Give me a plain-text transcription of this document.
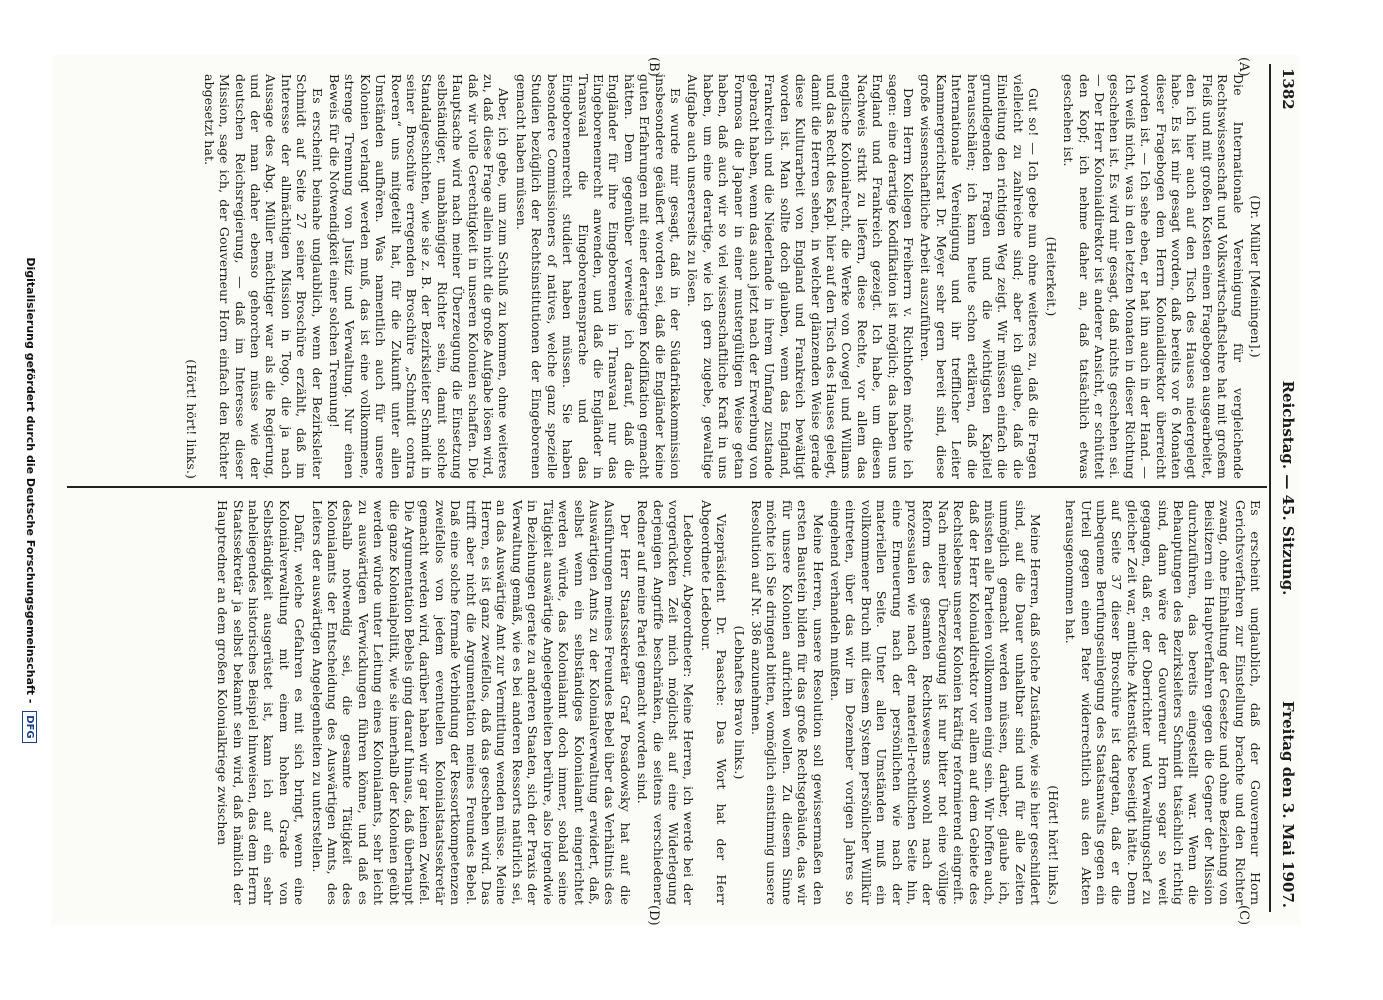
1382
Reichstag. — 45. Sitzung.
Freitag den 3. Mai 1907.
(A)
(B)
(C)
(D)

(Dr. Müller [Meiningen].)

Die Internationale Vereinigung für vergleichende Rechtswissenschaft und Volkswirtschaftslehre hat mit großem Fleiß und mit großen Kosten einen Fragebogen ausgearbeitet, den ich hier auch auf den Tisch des Hauses niedergelegt habe. Es ist mir gesagt worden, daß bereits vor 6 Monaten dieser Fragebogen dem Herrn Kolonialdirektor überreicht worden ist. — Ich sehe eben, er hat ihn auch in der Hand. — Ich weiß nicht, was in den letzten Monaten in dieser Richtung geschehen ist. Es wird mir gesagt, daß nichts geschehen sei. — Der Herr Kolonialdirektor ist anderer Ansicht, er schüttelt den Kopf; ich nehme daher an, daß tatsächlich etwas geschehen ist.

(Heiterkeit.)

Gut so! — Ich gebe nun ohne weiteres zu, daß die Fragen vielleicht zu zahlreiche sind; aber ich glaube, daß die Einleitung den richtigen Weg zeigt. Wir müssen einfach die grundlegenden Fragen und die wichtigsten Kapitel herausschälen; ich kann heute schon erklären, daß die Internationale Vereinigung und ihr trefflicher Leiter Kammergerichtsrat Dr. Meyer sehr gern bereit sind, diese große wissenschaftliche Arbeit auszuführen.

Dem Herrn Kollegen Freiherrn v. Richthofen möchte ich sagen: eine derartige Kodifikation ist möglich; das haben uns England und Frankreich gezeigt. Ich habe, um diesen Nachweis strikt zu liefern, diese Rechte, vor allem das englische Kolonialrecht, die Werke von Cowgel und Willams und das Recht des Kapl. hier auf den Tisch des Hauses gelegt, damit die Herren sehen, in welcher glänzenden Weise gerade diese Kulturarbeit von England und Frankreich bewältigt worden ist. Man sollte doch glauben, wenn das England, Frankreich und die Niederlande in ihrem Umfang zustande gebracht haben, wenn das auch jetzt nach der Erwerbung von Formosa die Japaner in einer mustergültigen Weise getan haben, daß auch wir so viel wissenschaftliche Kraft in uns haben, um eine derartige, wie ich gern zugebe, gewaltige Aufgabe auch unsererseits zu lösen.

Es wurde mir gesagt, daß in der Südafrikakommission insbesondere geäußert worden sei, daß die Engländer keine guten Erfahrungen mit einer derartigen Kodifikation gemacht hätten. Dem gegenüber verweise ich darauf, daß die Engländer für ihre Eingeborenen in Transvaal nur das Eingeborenenrecht anwenden, und daß die Engländer in Transvaal die Eingeborenensprache und das Eingeborenenrecht studiert haben müssen. Sie haben besondere Commissioners of natives, welche ganz spezielle Studien bezüglich der Rechtsinstitutionen der Eingeborenen gemacht haben müssen.

Aber, ich gebe, um zum Schluß zu kommen, ohne weiteres zu, daß diese Frage allein nicht die große Aufgabe lösen wird, daß wir volle Gerechtigkeit in unseren Kolonien schaffen. Die Hauptsache wird nach meiner Überzeugung die Einsetzung selbständiger, unabhängiger Richter sein, damit solche Standalgeschichten, wie sie z. B. der Bezirksleiter Schmidt in seiner Broschüre erregenden Broschüre „Schmidt contra Roeren“ uns mitgeteilt hat, für die Zukunft unter allen Umständen aufhören. Was namentlich auch für unsere Kolonien verlangt werden muß, das ist eine vollkommene, strenge Trennung von Justiz und Verwaltung. Nur einen Beweis für die Notwendigkeit einer solchen Trennung!

Es erscheint beinahe unglaublich, wenn der Bezirksleiter Schmidt auf Seite 27 seiner Broschüre erzählt, daß im Interesse der allmächtigen Mission in Togo, die ja nach Aussage des Abg. Müller mächtiger war als die Regierung, und der man daher ebenso gehorchen müsse wie der deutschen Reichsregierung, — daß im Interesse dieser Mission, sage ich, der Gouverneur Horn einfach den Richter abgesetzt hat.

(Hört! hört! links.)

Es erscheint unglaublich, daß der Gouverneur Horn Gerichtsverfahren zur Einstellung brachte und den Richter zwang, ohne Einhaltung der Gesetze und ohne Beziehung von Beisitzern ein Hauptverfahren gegen die Gegner der Mission durchzuführen, das bereits eingestellt war. Wenn die Behauptungen des Bezirksleiters Schmidt tatsächlich richtig sind, dann wäre der Gouverneur Horn sogar so weit gegangen, daß er, der Oberrichter und Verwaltungschef zu gleicher Zeit war, amtliche Aktenstücke beseitigt hätte. Denn auf Seite 37 dieser Broschüre ist dargetan, daß er die unbequeme Berufungseinlegung des Staatsanwalts gegen ein Urteil gegen einen Pater widerrechtlich aus den Akten herausgenommen hat.

(Hört! hört! links.)

Meine Herren, daß solche Zustände, wie sie hier geschildert sind, auf die Dauer unhaltbar sind und für alle Zeiten unmöglich gemacht werden müssen, darüber, glaube ich, müssten alle Parteien vollkommen einig sein. Wir hoffen auch, daß der Herr Kolonialdirektor vor allem auf dem Gebiete des Rechtslebens unserer Kolonien kräftig reformierend eingreift. Nach meiner Überzeugung ist nur bitter not eine völlige Reform des gesamten Rechtswesens sowohl nach der prozessualen wie nach der materiell-rechtlichen Seite hin, eine Erneuerung nach der persönlichen wie nach der materiellen Seite. Unter allen Umständen muß ein vollkommener Bruch mit diesem System persönlicher Willkür eintreten, über das wir im Dezember vorigen Jahres so eingehend verhandeln mußten.

Meine Herren, unsere Resolution soll gewissermaßen den ersten Baustein bilden für das große Rechtsgebäude, das wir für unsere Kolonien aufrichten wollen. Zu diesem Sinne möchte ich Sie dringend bitten, womöglich einstimmig unsere Resolution auf Nr. 386 anzunehmen.

(Lebhaftes Bravo links.)

Vizepräsident Dr. Paasche: Das Wort hat der Herr Abgeordnete Ledebour.

Ledebour, Abgeordneter: Meine Herren, ich werde bei der vorgerückten Zeit mich möglichst auf eine Widerlegung derjenigen Angriffe beschränken, die seitens verschiedener Redner auf meine Partei gemacht worden sind.

Der Herr Staatssekretär Graf Posadowsky hat auf die Ausführungen meines Freundes Bebel über das Verhältnis des Auswärtigen Amts zu der Kolonialverwaltung erwidert, daß, selbst wenn ein selbständiges Kolonialamt eingerichtet werden würde, das Kolonialamt doch immer, sobald seine Tätigkeit auswärtige Angelegenheiten berühre, also irgendwie in Beziehungen gerate zu anderen Staaten, sich der Praxis der Verwaltung gemäß, wie es bei anderen Ressorts natürlich sei, an das Auswärtige Amt zur Vermittlung wenden müsse. Meine Herren, es ist ganz zweifellos, daß das geschehen wird. Das trifft aber nicht die Argumentation meines Freundes Bebel. Daß eine solche formale Verbindung der Ressortkompetenzen zweifellos von jedem eventuellen Kolonialstaatssekretär gemacht werden wird, darüber haben wir gar keinen Zweifel. Die Argumentation Bebels ging darauf hinaus, daß überhaupt die ganze Kolonialpolitik, wie sie innerhalb der Kolonien geübt werden würde unter Leitung eines Kolonialamts, sehr leicht zu auswärtigen Verwicklungen führen könne, und daß es deshalb notwendig sei, die gesamte Tätigkeit des Kolonialamts der Entscheidung des Auswärtigen Amts, des Leiters der auswärtigen Angelegenheiten zu unterstellen.

Dafür, welche Gefahren es mit sich bringt, wenn eine Kolonialverwaltung mit einem hohen Grade von Selbständigkeit ausgerüstet ist, kann ich auf ein sehr naheliegendes historisches Beispiel hinweisen, das dem Herrn Staatssekretär ja selbst bekannt sein wird, daß nämlich der Hauptredner an dem großen Kolonialkriege zwischen

Digitalisierung gefördert durch die Deutsche Forschungsgemeinschaft - DFG
